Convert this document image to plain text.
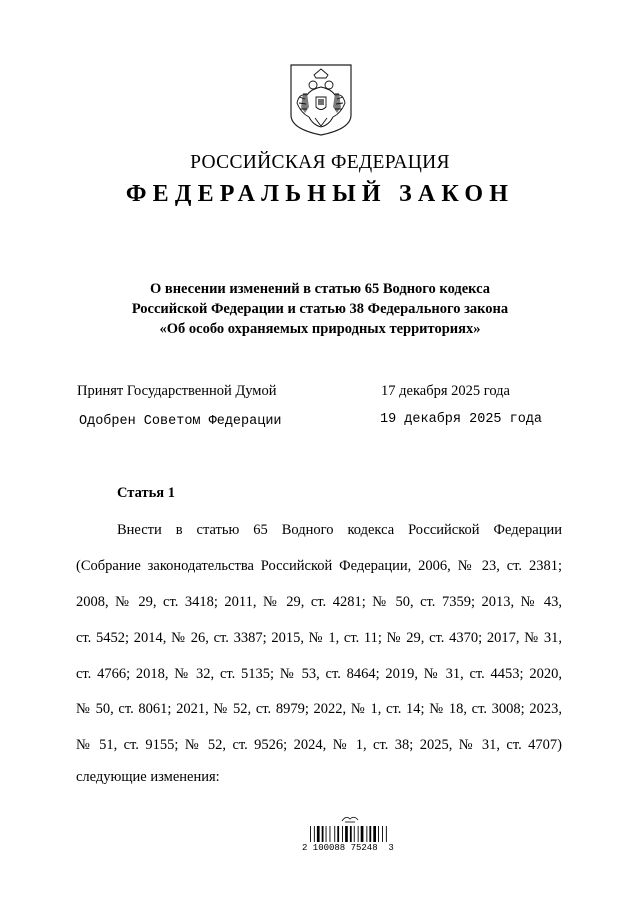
РОССИЙСКАЯ ФЕДЕРАЦИЯ
ФЕДЕРАЛЬНЫЙ ЗАКОН
О внесении изменений в статью 65 Водного кодекса
Российской Федерации и статью 38 Федерального закона
«Об особо охраняемых природных территориях»
Принят Государственной Думой	17 декабря 2025 года
Одобрен Советом Федерации	19 декабря 2025 года
Статья 1
Внести в статью 65 Водного кодекса Российской Федерации
(Собрание законодательства Российской Федерации, 2006, № 23, ст. 2381;
2008, № 29, ст. 3418; 2011, № 29, ст. 4281; № 50, ст. 7359; 2013, № 43,
ст. 5452; 2014, № 26, ст. 3387; 2015, № 1, ст. 11; № 29, ст. 4370; 2017, № 31,
ст. 4766; 2018, № 32, ст. 5135; № 53, ст. 8464; 2019, № 31, ст. 4453; 2020,
№ 50, ст. 8061; 2021, № 52, ст. 8979; 2022, № 1, ст. 14; № 18, ст. 3008; 2023,
№ 51, ст. 9155; № 52, ст. 9526; 2024, № 1, ст. 38; 2025, № 31, ст. 4707)
следующие изменения:
2 100088 75248  3
